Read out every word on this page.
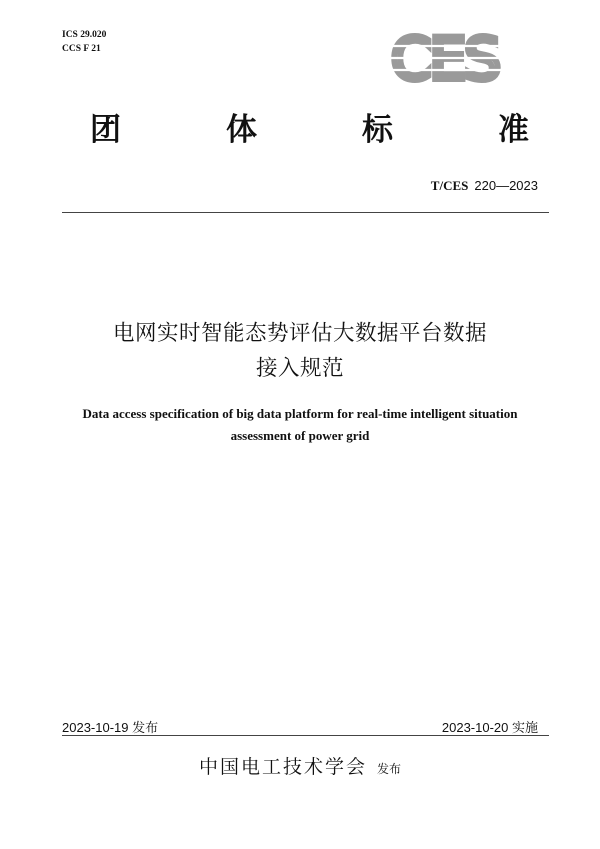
ICS 29.020
CCS F 21	CES
团	体	标	准
T/CES 220—2023
电网实时智能态势评估大数据平台数据
接入规范
Data access specification of big data platform for real-time intelligent situation
assessment of power grid
2023-10-19 发布	2023-10-20 实施
中国电工技术学会 发布
